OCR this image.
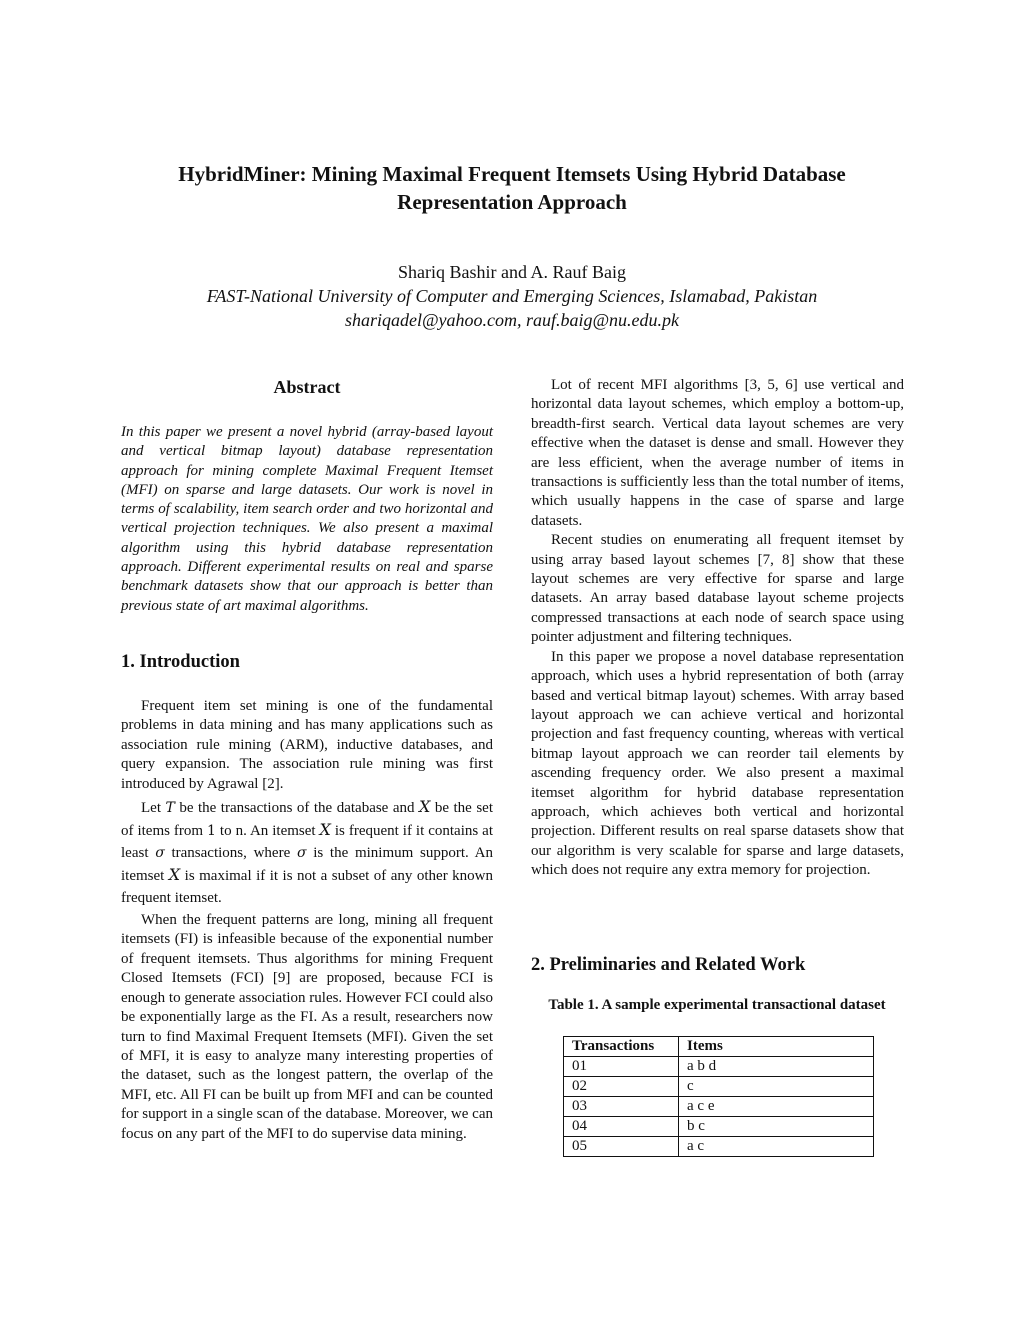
HybridMiner: Mining Maximal Frequent Itemsets Using Hybrid Database
Representation Approach
Shariq Bashir and A. Rauf Baig
FAST-National University of Computer and Emerging Sciences, Islamabad, Pakistan
shariqadel@yahoo.com, rauf.baig@nu.edu.pk
Abstract
In this paper we present a novel hybrid (array-based layout and vertical bitmap layout) database representation approach for mining complete Maximal Frequent Itemset (MFI) on sparse and large datasets. Our work is novel in terms of scalability, item search order and two horizontal and vertical projection techniques. We also present a maximal algorithm using this hybrid database representation approach. Different experimental results on real and sparse benchmark datasets show that our approach is better than previous state of art maximal algorithms.
1. Introduction

Frequent item set mining is one of the fundamental problems in data mining and has many applications such as association rule mining (ARM), inductive databases, and query expansion. The association rule mining was first introduced by Agrawal [2].

Let T be the transactions of the database and X be the set of items from 1 to n. An itemset X is frequent if it contains at least σ transactions, where σ is the minimum support. An itemset X is maximal if it is not a subset of any other known frequent itemset.

When the frequent patterns are long, mining all frequent itemsets (FI) is infeasible because of the exponential number of frequent itemsets. Thus algorithms for mining Frequent Closed Itemsets (FCI) [9] are proposed, because FCI is enough to generate association rules. However FCI could also be exponentially large as the FI. As a result, researchers now turn to find Maximal Frequent Itemsets (MFI). Given the set of MFI, it is easy to analyze many interesting properties of the dataset, such as the longest pattern, the overlap of the MFI, etc. All FI can be built up from MFI and can be counted for support in a single scan of the database. Moreover, we can focus on any part of the MFI to do supervise data mining.

Lot of recent MFI algorithms [3, 5, 6] use vertical and horizontal data layout schemes, which employ a bottom-up, breadth-first search. Vertical data layout schemes are very effective when the dataset is dense and small. However they are less efficient, when the average number of items in transactions is sufficiently less than the total number of items, which usually happens in the case of sparse and large datasets.

Recent studies on enumerating all frequent itemset by using array based layout schemes [7, 8] show that these layout schemes are very effective for sparse and large datasets. An array based database layout scheme projects compressed transactions at each node of search space using pointer adjustment and filtering techniques.

In this paper we propose a novel database representation approach, which uses a hybrid representation of both (array based and vertical bitmap layout) schemes. With array based layout approach we can achieve vertical and horizontal projection and fast frequency counting, whereas with vertical bitmap layout approach we can reorder tail elements by ascending frequency order. We also present a maximal itemset algorithm for hybrid database representation approach, which achieves both vertical and horizontal projection. Different results on real sparse datasets show that our algorithm is very scalable for sparse and large datasets, which does not require any extra memory for projection.

2. Preliminaries and Related Work
Table 1. A sample experimental transactional dataset
Transactions	Items
01	a b d
02	c
03	a c e
04	b c
05	a c
